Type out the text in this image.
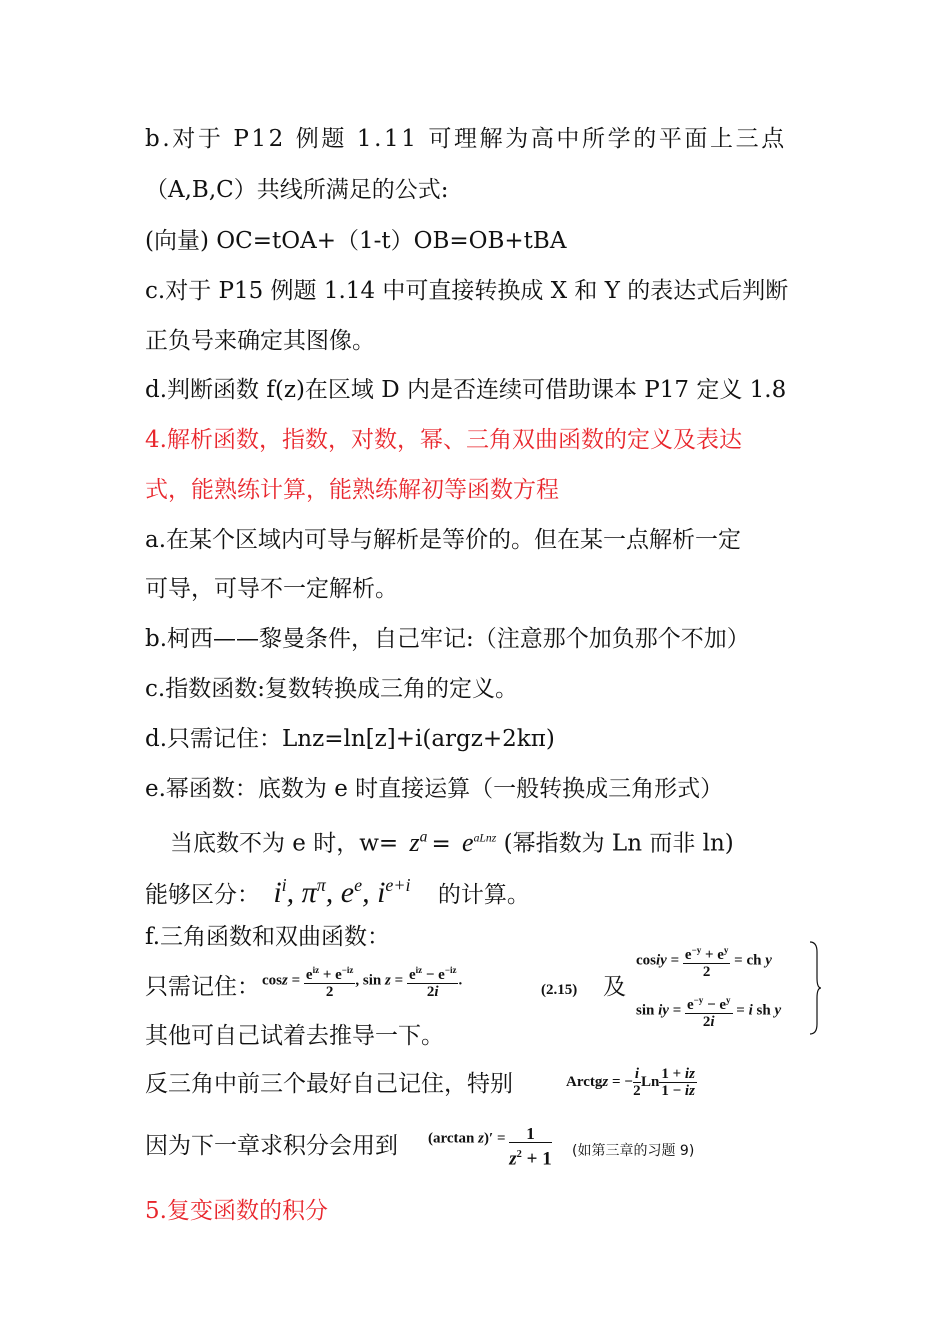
b.对于 P12 例题 1.11 可理解为高中所学的平面上三点
（A,B,C）共线所满足的公式:
(向量) OC=tOA+（1-t）OB=OB+tBA
c.对于 P15 例题 1.14 中可直接转换成 X 和 Y 的表达式后判断
正负号来确定其图像。
d.判断函数 f(z)在区域 D 内是否连续可借助课本 P17 定义 1.8
4.解析函数，指数，对数，幂、三角双曲函数的定义及表达
式，能熟练计算，能熟练解初等函数方程
a.在某个区域内可导与解析是等价的。但在某一点解析一定
可导，可导不一定解析。
b.柯西——黎曼条件，自己牢记:（注意那个加负那个不加）
c.指数函数:复数转换成三角的定义。
d.只需记住：Lnz=ln[z]+i(argz+2kπ)
e.幂函数：底数为 e 时直接运算（一般转换成三角形式）
当底数不为 e 时，$w= z^a = e^{aLnz}$ (幂指数为 Ln 而非 ln)
能够区分： $i^i$, $\pi^\pi$, $e^e$, $i^{e+i}$ 的计算。
f.三角函数和双曲函数：
只需记住： $\cos z = \frac{e^{iz} + e^{-iz}}{2}$ , $\sin z = \frac{e^{iz} - e^{-iz}}{2i}$ .
(2.15) 及
cosiy = $\frac{e^{-y} + e^y}{2}$ = ch y
sin iy = $\frac{e^{-y} - e^y}{2i} = i$ sh y
其他可自己试着去推导一下。
反三角中前三个最好自己记住，特别	Arctgz = − $\frac{i}{2}$ Ln $\frac{1 + iz}{1 - iz}$
因为下一章求积分会用到 (arctan $z)' = \frac{1}{z^2 + 1}$ (如第三章的习题 9)
5.复变函数的积分
